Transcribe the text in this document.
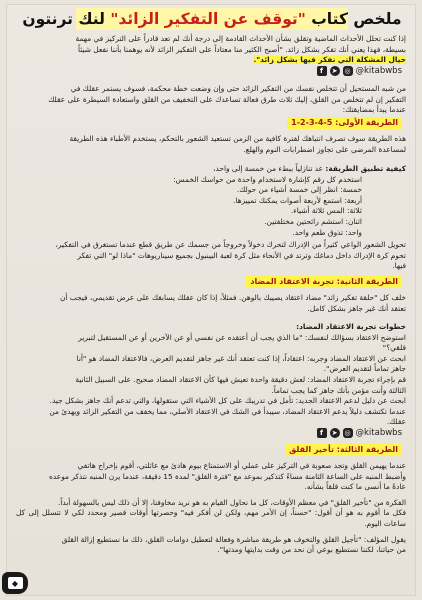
ملخص كتاب

"توقف عن التفكير الزائد"

لنك ترنتون

إذا كنت تحلل الأحداث الماضية وتقلق بشأن الأحداث القادمة إلى درجة أنك لم تعد قادراً على التركيز في مهمة

بسيطة، فهذا يعني أنك تفكر بشكل زائد. "أصبح الكثير منا معتاداً على التفكير الزائد لأنه يوهمنا بأننا نفعل شيئاً

حيال المشكلة التي نفكر فيها بشكل زائد".

f	➤ ◎ @kitabwbs

من شبه المستحيل أن تتخلص نفسك من التفكير الزائد حتى وإن وضعت خطة محكمة، فسوف يستمر عقلك في

التفكير إن لم تتخلص من القلق، إليك ثلاث طرق فعالة تساعدك على التخفيف من القلق واستعادة السيطرة على عقلك

عندما يبدأ بمضايقتك:

الطريقة الأولى: 5-4-3-2-1

هذه الطريقة سوف تصرف انتباهك لفترة كافية من الزمن تستعيد الشعور بالتحكم، يستخدم الأطباء هذه الطريقة

لمساعدة المرضى على تجاوز اضطرابات النوم والهلع.

كيفية تطبيق الطريقة: عد تنازلياً ببطء من خمسة إلى واحد،

استخدم كل رقم كإشارة لاستخدام واحدة من حواسك الخمس:
خمسة: انظر إلى خمسة أشياء من حولك.
أربعة: استمع لأربعة أصوات يمكنك تمييزها.
ثلاثة: المس ثلاثة أشياء.
اثنان: استشم رائحتين مختلفتين.
واحد: تذوق طعم واحد.

تحويل الشعور الواعي كثيراً من الإدراك لتحرك دخولاً وخروجاً من جسمك عن طريق قطع عندما تستغرق في التفكير،

تحوم كرة الإدراك داخل دماغك وترتد في الأنحاء مثل كرة لعبة البينبول بجميع سيناريوهات "ماذا لو" التي تفكر

فيها.

الطريقة الثانية: تجربة الاعتقاد المضاد

خلف كل "حلقة تفكير زائد" مضاد اعتقاد يصيبك بالوهن. فمثلاً، إذا كان عقلك يسابقك على عرض تقديمي، فيجب أن

تعتقد أنك غير جاهز بشكل كامل.

خطوات تجربة الاعتقاد المضاد:

استوضح الاعتقاد بسؤالك لنفسك: "ما الذي يجب أن أعتقده عن نفسي أو عن الآخرين أو عن المستقبل لتبرير

قلقي؟"

ابحث عن الاعتقاد المضاد وجربه: اعتقاداً، إذا كنت تعتقد أنك غير جاهز لتقديم العرض، فالاعتقاد المضاد هو "أنا

جاهز تماماً لتقديم العرض".

قم بإجراء تجربة الاعتقاد المضاد: لعش دقيقة واحدة تعيش فيها كأن الاعتقاد المضاد صحيح. على السبيل الثانية

الثالثة وأنت مؤمن بأنك جاهز كما يجب تماماً.

ابحث عن دليل لدعم الاعتقاد الجديد: تأمل في تدريبك على كل الأشياء التي ستقولها، والتي تدعم أنك جاهز بشكل جيد.

عندما تكتشف دليلاً يدعم الاعتقاد المضاد، سيبدأ في الشك في الاعتقاد الأصلي، مما يخفف من التفكير الزائد ويهدئ من

عقلك.

f	➤ ◎ @kitabwbs
الطريقة الثالثة: تأخير القلق

عندما يهيمن القلق وتجد صعوبة في التركيز على عملي أو الاستمتاع بيوم هادئ مع عائلتي، أقوم بإخراج هاتفي

وأضبط المنبه على الساعة الثامنة مساءً كتذكير بموعد مع "فترة القلق" لمدة 15 دقيقة، عندما يرن المنبه نتذكر موعده

عادةً ما أنسى ما كنت قلقاً بشأنه.

الفكرة من "تأخير القلق" في معظم الأوقات، كل ما نحاول القيام به هو نريد مخاوفنا، إلا أن ذلك ليس بالسهولة أبداً.

فكل ما أقوم به هو أن أقول: "حسناً، إن الأمر مهم، ولكن لن أفكر فيه" وحصرتها أوقات قصير ومحدد لكي لا تتسلل إلى كل ساعات اليوم.

يقول المؤلف: "تأجيل القلق والتخوف هو طريقة مباشرة وفعالة لتعطيل دوامات القلق، ذلك ما نستطيع إزالة القلق

من حياتنا، لكننا نستطيع بوعي أن نحد من وقت بدايتها ومدتها".

◆
